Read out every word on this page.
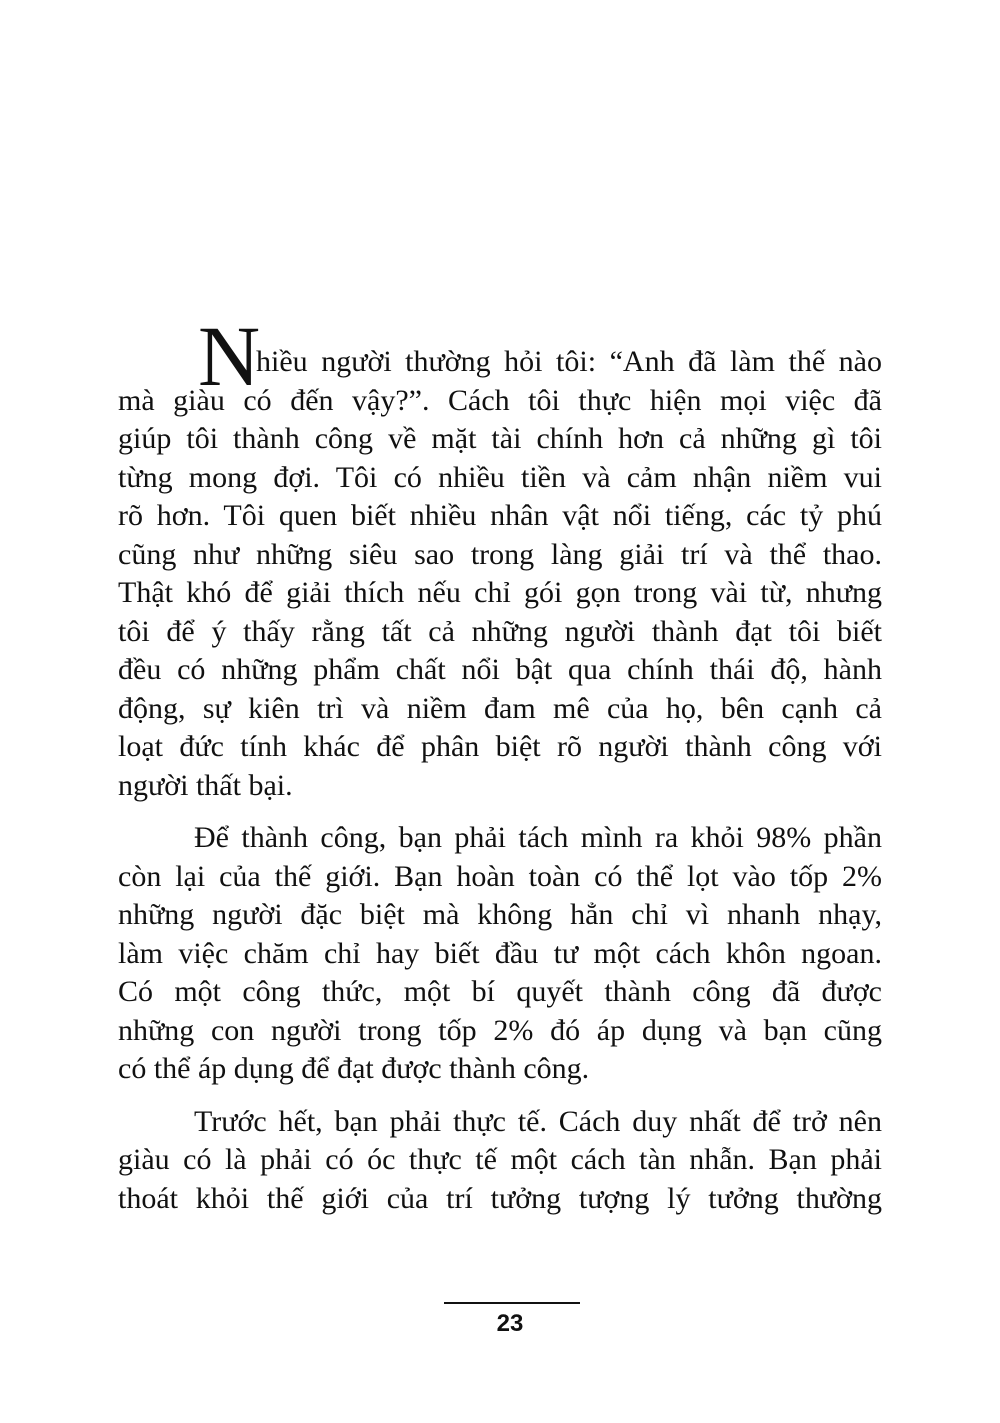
N
hiều người thường hỏi tôi: “Anh đã làm thế nào
mà giàu có đến vậy?”. Cách tôi thực hiện mọi việc đã
giúp tôi thành công về mặt tài chính hơn cả những gì tôi
từng mong đợi. Tôi có nhiều tiền và cảm nhận niềm vui
rõ hơn. Tôi quen biết nhiều nhân vật nổi tiếng, các tỷ phú
cũng như những siêu sao trong làng giải trí và thể thao.
Thật khó để giải thích nếu chỉ gói gọn trong vài từ, nhưng
tôi để ý thấy rằng tất cả những người thành đạt tôi biết
đều có những phẩm chất nổi bật qua chính thái độ, hành
động, sự kiên trì và niềm đam mê của họ, bên cạnh cả
loạt đức tính khác để phân biệt rõ người thành công với
người thất bại.
Để thành công, bạn phải tách mình ra khỏi 98% phần
còn lại của thế giới. Bạn hoàn toàn có thể lọt vào tốp 2%
những người đặc biệt mà không hẳn chỉ vì nhanh nhạy,
làm việc chăm chỉ hay biết đầu tư một cách khôn ngoan.
Có một công thức, một bí quyết thành công đã được
những con người trong tốp 2% đó áp dụng và bạn cũng
có thể áp dụng để đạt được thành công.
Trước hết, bạn phải thực tế. Cách duy nhất để trở nên
giàu có là phải có óc thực tế một cách tàn nhẫn. Bạn phải
thoát khỏi thế giới của trí tưởng tượng lý tưởng thường
23
